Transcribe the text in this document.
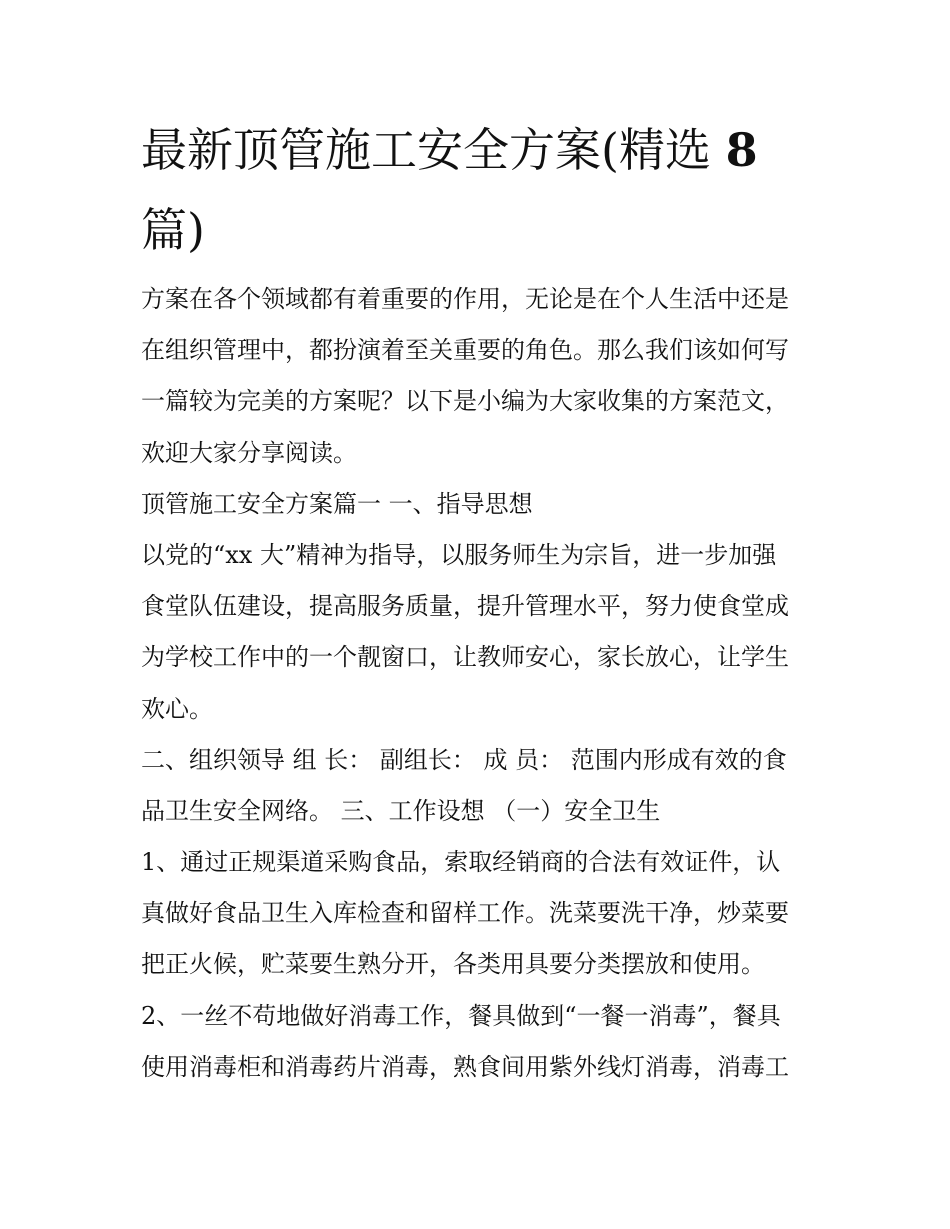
最新顶管施工安全方案(精选 8
篇)
方案在各个领域都有着重要的作用，无论是在个人生活中还是
在组织管理中，都扮演着至关重要的角色。那么我们该如何写
一篇较为完美的方案呢？以下是小编为大家收集的方案范文，
欢迎大家分享阅读。
顶管施工安全方案篇一 一、指导思想
以党的“xx 大”精神为指导，以服务师生为宗旨，进一步加强
食堂队伍建设，提高服务质量，提升管理水平，努力使食堂成
为学校工作中的一个靓窗口，让教师安心，家长放心，让学生
欢心。
二、组织领导 组 长： 副组长： 成 员： 范围内形成有效的食
品卫生安全网络。 三、工作设想 （一）安全卫生
1、通过正规渠道采购食品，索取经销商的合法有效证件，认
真做好食品卫生入库检查和留样工作。洗菜要洗干净，炒菜要
把正火候，贮菜要生熟分开，各类用具要分类摆放和使用。
2、一丝不苟地做好消毒工作，餐具做到“一餐一消毒”，餐具
使用消毒柜和消毒药片消毒，熟食间用紫外线灯消毒，消毒工
